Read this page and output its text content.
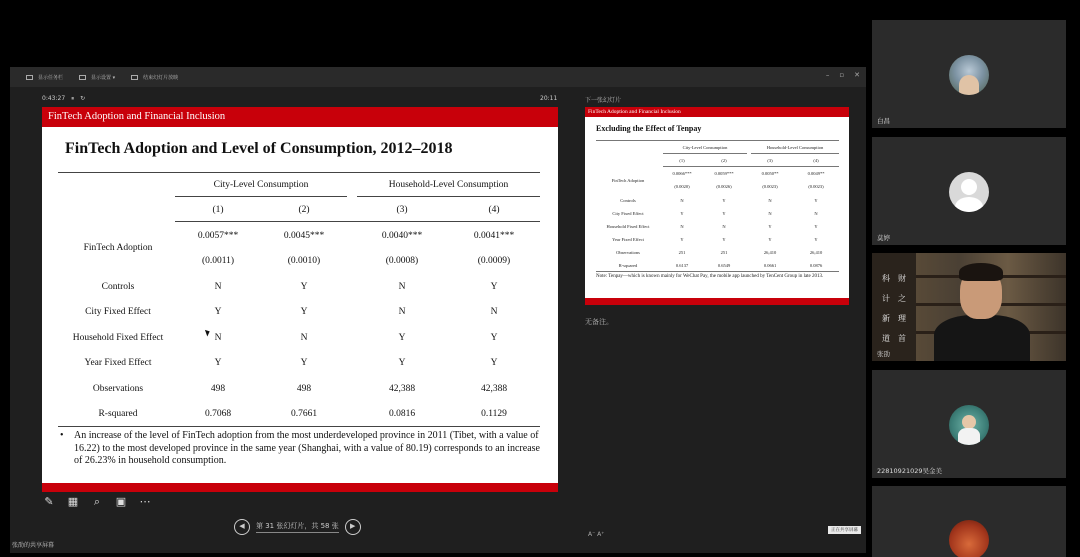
显示任务栏	显示设置 ▾	结束幻灯片放映	– ▫ ✕
0:43:27 ⏸ ↻	20:11	下一张幻灯片
FinTech Adoption and Financial Inclusion
FinTech Adoption and Level of Consumption, 2012–2018
City-Level Consumption	Household-Level Consumption
(1)	(2)	(3)	(4)
FinTech Adoption
0.0057***	0.0045***	0.0040***	0.0041***
(0.0011)	(0.0010)	(0.0008)	(0.0009)
Controls	N	Y	N	Y
City Fixed Effect	Y	Y	N	N
Household Fixed Effect	N	N	Y	Y
Year Fixed Effect	Y	Y	Y	Y
Observations	498	498	42,388	42,388
R-squared	0.7068	0.7661	0.0816	0.1129
• An increase of the level of FinTech adoption from the most underdeveloped province in 2011 (Tibet, with a value of 16.22) to the most developed province in the same year (Shanghai, with a value of 80.19) corresponds to an increase of 26.23% in household consumption.
FinTech Adoption and Financial Inclusion
Excluding the Effect of Tenpay
City-Level Consumption	Household-Level Consumption
(1)	(2)	(3)	(4)
FinTech Adoption
0.0066***	0.0059***	0.0050**	0.0049**
(0.0020)	(0.0026)	(0.0023)	(0.0023)
Controls	N	Y	N	Y
City Fixed Effect	Y	Y	N	N
Household Fixed Effect	N	N	Y	Y
Year Fixed Effect	Y	Y	Y	Y
Observations	251	251	26,410	26,410
R-squared	0.6137	0.6549	0.0661	0.0876
Note: Tenpay—which is known mainly for WeChat Pay, the mobile app launched by TenCent Group in late 2013.
无备注。
✎ ▦	⌕	▣ ⋯
◀	第 31 张幻灯片，共 58 张	▶
A⁻ A⁺
正在共享屏幕
张劭的共享屏幕
白昌
莫婷
科 财
计 之
新 理
道 首
张劭
22810921029吴金美
